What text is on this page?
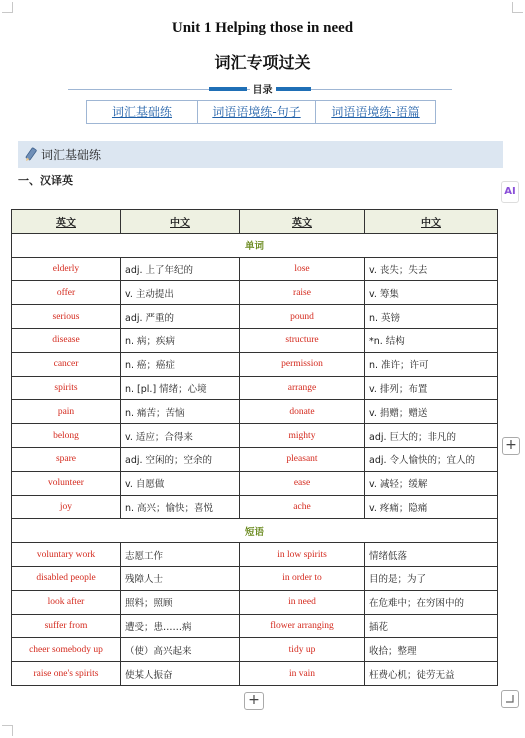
Unit 1 Helping those in need
词汇专项过关
目录
词汇基础练	词语语境练-句子	词语语境练-语篇
词汇基础练
一、汉译英
AI
+
+
英文	中文	英文	中文
单词			
elderly	adj. 上了年纪的	lose	v. 丧失；失去
offer	v. 主动提出	raise	v. 筹集
serious	adj. 严重的	pound	n. 英镑
disease	n. 病；疾病	structure	*n. 结构
cancer	n. 癌；癌症	permission	n. 准许；许可
spirits	n. [pl.] 情绪；心境	arrange	v. 排列；布置
pain	n. 痛苦；苦恼	donate	v. 捐赠；赠送
belong	v. 适应；合得来	mighty	adj. 巨大的；非凡的
spare	adj. 空闲的；空余的	pleasant	adj. 令人愉快的；宜人的
volunteer	v. 自愿做	ease	v. 减轻；缓解
joy	n. 高兴；愉快；喜悦	ache	v. 疼痛；隐痛
短语			
voluntary work	志愿工作	in low spirits	情绪低落
disabled people	残障人士	in order to	目的是；为了
look after	照料；照顾	in need	在危难中；在穷困中的
suffer from	遭受；患……病	flower arranging	插花
cheer somebody up	（使）高兴起来	tidy up	收拾；整理
raise one's spirits	使某人振奋	in vain	枉费心机；徒劳无益
